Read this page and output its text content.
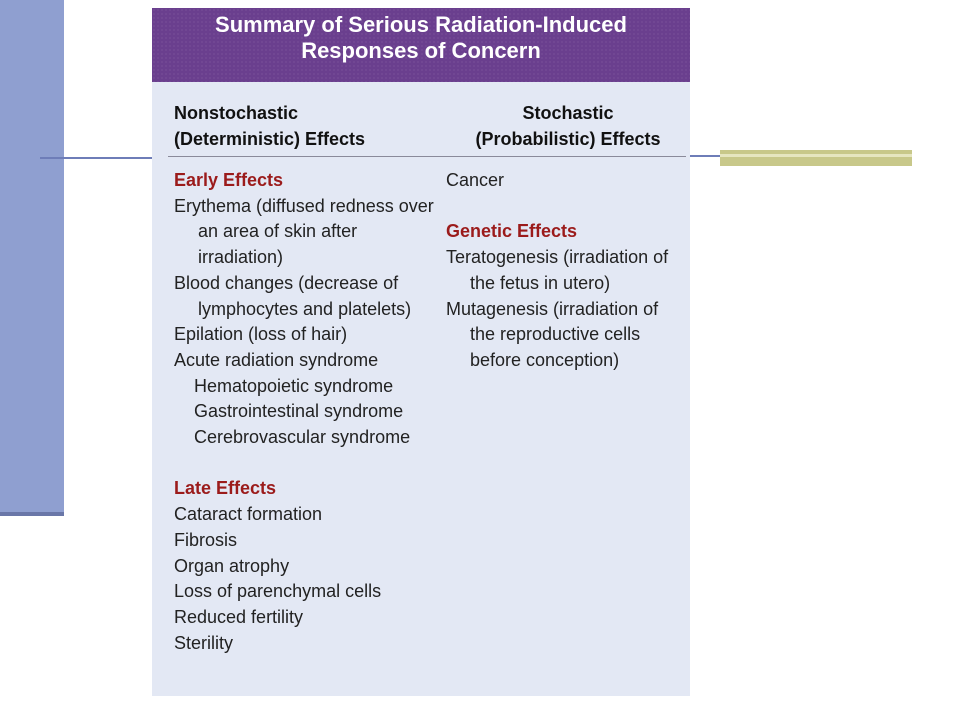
Summary of Serious Radiation-Induced
Responses of Concern
Nonstochastic
(Deterministic) Effects
Stochastic
(Probabilistic) Effects
Early Effects
Erythema (diffused redness over an area of skin after irradiation)
Blood changes (decrease of lymphocytes and platelets)
Epilation (loss of hair)
Acute radiation syndrome
Hematopoietic syndrome
Gastrointestinal syndrome
Cerebrovascular syndrome
Late Effects
Cataract formation
Fibrosis
Organ atrophy
Loss of parenchymal cells
Reduced fertility
Sterility
Cancer
Genetic Effects
Teratogenesis (irradiation of the fetus in utero)
Mutagenesis (irradiation of the reproductive cells before conception)
